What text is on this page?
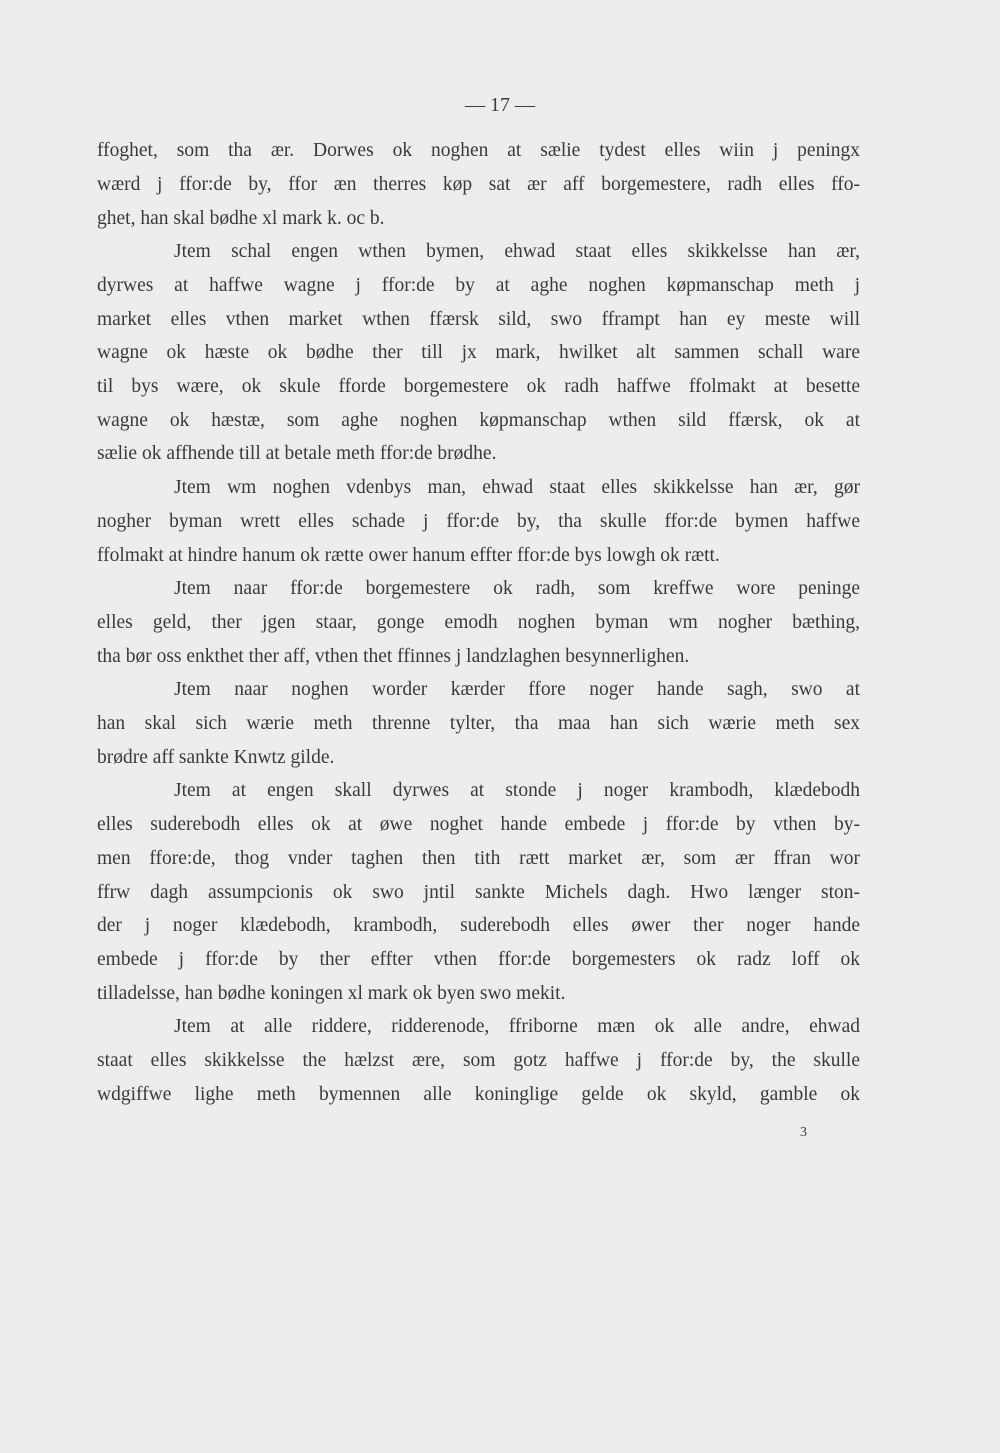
— 17 —
ffoghet, som tha ær. Dorwes ok noghen at sælie tydest elles wiin j peningx
wærd j ffor:de by, ffor æn therres køp sat ær aff borgemestere, radh elles ffo-
ghet, han skal bødhe xl mark k. oc b.
Jtem schal engen wthen bymen, ehwad staat elles skikkelsse han ær,
dyrwes at haffwe wagne j ffor:de by at aghe noghen køpmanschap meth j
market elles vthen market wthen ffærsk sild, swo fframpt han ey meste will
wagne ok hæste ok bødhe ther till jx mark, hwilket alt sammen schall ware
til bys wære, ok skule fforde borgemestere ok radh haffwe ffolmakt at besette
wagne ok hæstæ, som aghe noghen køpmanschap wthen sild ffærsk, ok at
sælie ok affhende till at betale meth ffor:de brødhe.
Jtem wm noghen vdenbys man, ehwad staat elles skikkelsse han ær, gør
nogher byman wrett elles schade j ffor:de by, tha skulle ffor:de bymen haffwe
ffolmakt at hindre hanum ok rætte ower hanum effter ffor:de bys lowgh ok rætt.
Jtem naar ffor:de borgemestere ok radh, som kreffwe wore peninge
elles geld, ther jgen staar, gonge emodh noghen byman wm nogher bæthing,
tha bør oss enkthet ther aff, vthen thet ffinnes j landzlaghen besynnerlighen.
Jtem naar noghen worder kærder ffore noger hande sagh, swo at
han skal sich wærie meth threnne tylter, tha maa han sich wærie meth sex
brødre aff sankte Knwtz gilde.
Jtem at engen skall dyrwes at stonde j noger krambodh, klædebodh
elles suderebodh elles ok at øwe noghet hande embede j ffor:de by vthen by-
men ffore:de, thog vnder taghen then tith rætt market ær, som ær ffran wor
ffrw dagh assumpcionis ok swo jntil sankte Michels dagh. Hwo længer ston-
der j noger klædebodh, krambodh, suderebodh elles øwer ther noger hande
embede j ffor:de by ther effter vthen ffor:de borgemesters ok radz loff ok
tilladelsse, han bødhe koningen xl mark ok byen swo mekit.
Jtem at alle riddere, ridderenode, ffriborne mæn ok alle andre, ehwad
staat elles skikkelsse the hælzst ære, som gotz haffwe j ffor:de by, the skulle
wdgiffwe lighe meth bymennen alle koninglige gelde ok skyld, gamble ok
3
